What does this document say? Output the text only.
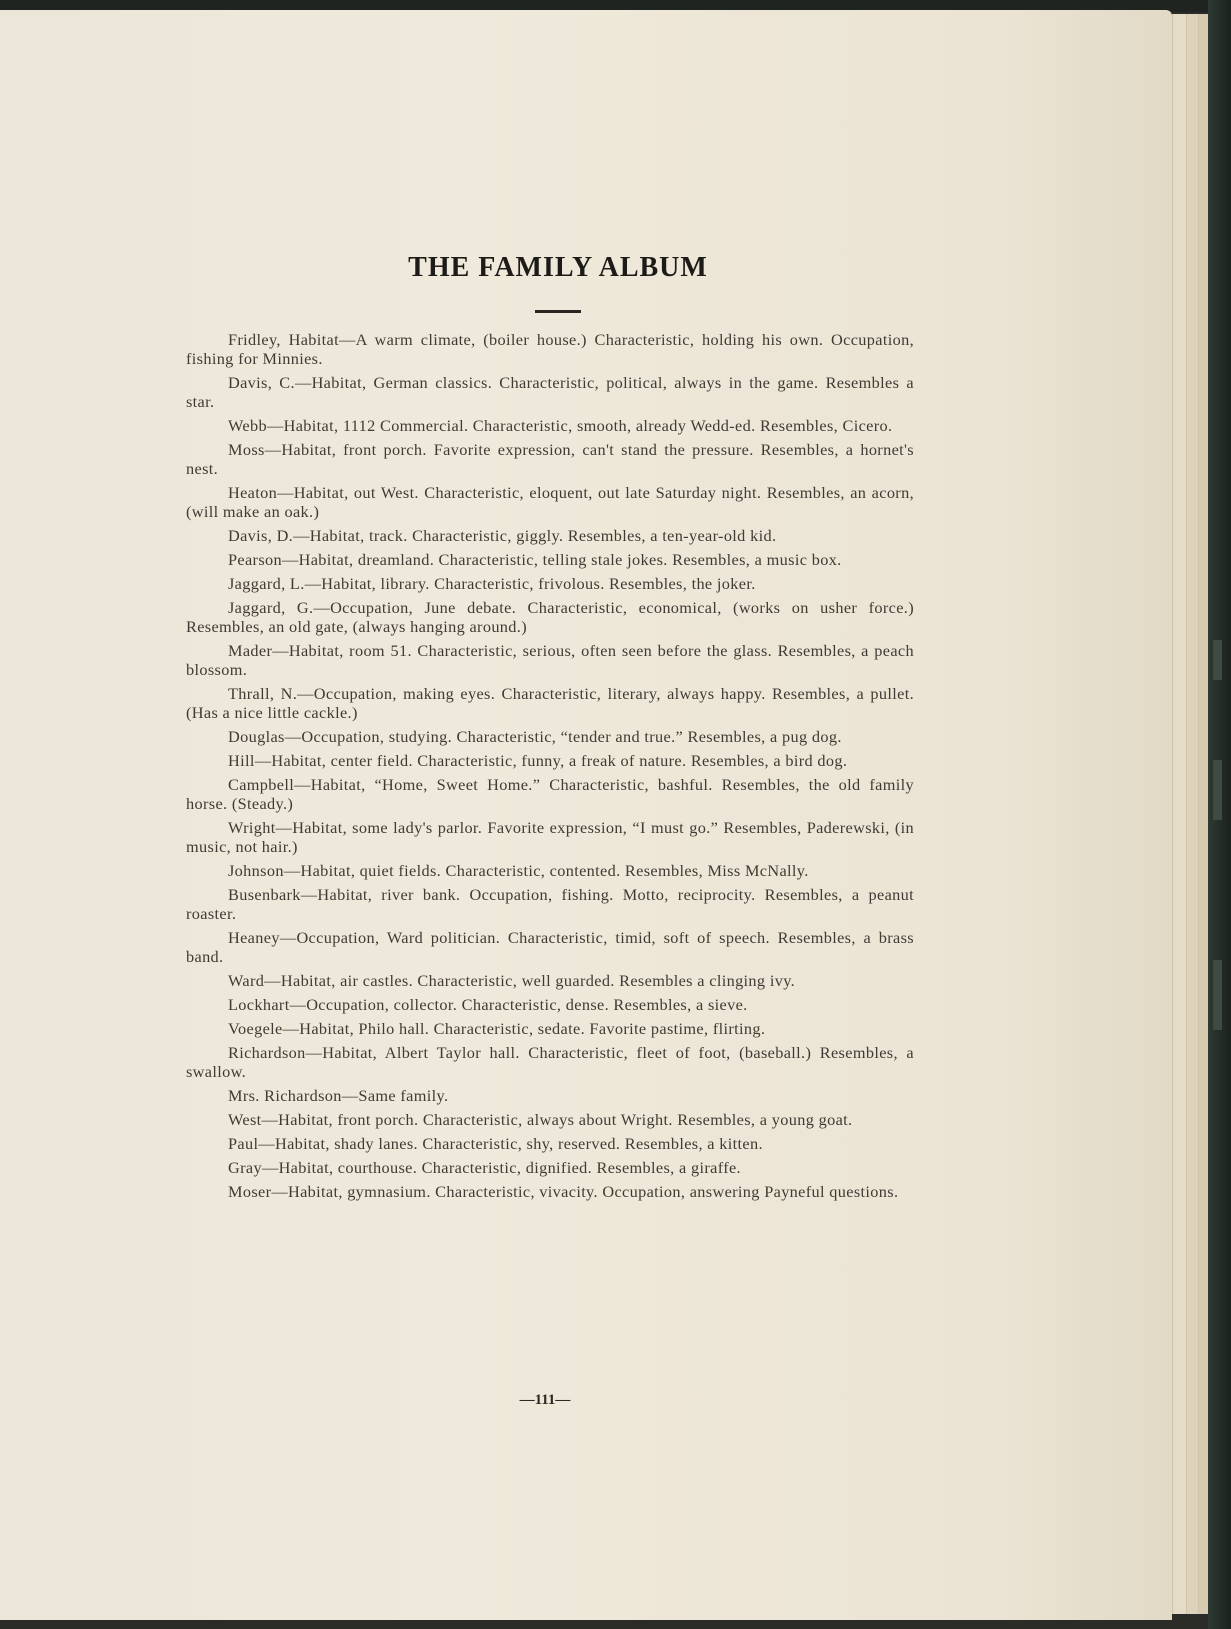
THE FAMILY ALBUM

Fridley, Habitat—A warm climate, (boiler house.) Characteristic, holding his own. Occupation, fishing for Minnies.

Davis, C.—Habitat, German classics. Characteristic, political, always in the game. Resembles a star.

Webb—Habitat, 1112 Commercial. Characteristic, smooth, already Wedd-ed. Resembles, Cicero.

Moss—Habitat, front porch. Favorite expression, can't stand the pressure. Resembles, a hornet's nest.

Heaton—Habitat, out West. Characteristic, eloquent, out late Saturday night. Resembles, an acorn, (will make an oak.)

Davis, D.—Habitat, track. Characteristic, giggly. Resembles, a ten-year-old kid.

Pearson—Habitat, dreamland. Characteristic, telling stale jokes. Resembles, a music box.

Jaggard, L.—Habitat, library. Characteristic, frivolous. Resembles, the joker.

Jaggard, G.—Occupation, June debate. Characteristic, economical, (works on usher force.) Resembles, an old gate, (always hanging around.)

Mader—Habitat, room 51. Characteristic, serious, often seen before the glass. Resembles, a peach blossom.

Thrall, N.—Occupation, making eyes. Characteristic, literary, always happy. Resembles, a pullet. (Has a nice little cackle.)

Douglas—Occupation, studying. Characteristic, “tender and true.” Resembles, a pug dog.

Hill—Habitat, center field. Characteristic, funny, a freak of nature. Resembles, a bird dog.

Campbell—Habitat, “Home, Sweet Home.” Characteristic, bashful. Resembles, the old family horse. (Steady.)

Wright—Habitat, some lady's parlor. Favorite expression, “I must go.” Resembles, Paderewski, (in music, not hair.)

Johnson—Habitat, quiet fields. Characteristic, contented. Resembles, Miss McNally.

Busenbark—Habitat, river bank. Occupation, fishing. Motto, reciprocity. Resembles, a peanut roaster.

Heaney—Occupation, Ward politician. Characteristic, timid, soft of speech. Resembles, a brass band.

Ward—Habitat, air castles. Characteristic, well guarded. Resembles a clinging ivy.

Lockhart—Occupation, collector. Characteristic, dense. Resembles, a sieve.

Voegele—Habitat, Philo hall. Characteristic, sedate. Favorite pastime, flirting.

Richardson—Habitat, Albert Taylor hall. Characteristic, fleet of foot, (baseball.) Resembles, a swallow.

Mrs. Richardson—Same family.

West—Habitat, front porch. Characteristic, always about Wright. Resembles, a young goat.

Paul—Habitat, shady lanes. Characteristic, shy, reserved. Resembles, a kitten.

Gray—Habitat, courthouse. Characteristic, dignified. Resembles, a giraffe.

Moser—Habitat, gymnasium. Characteristic, vivacity. Occupation, answering Payneful questions.

—111—
